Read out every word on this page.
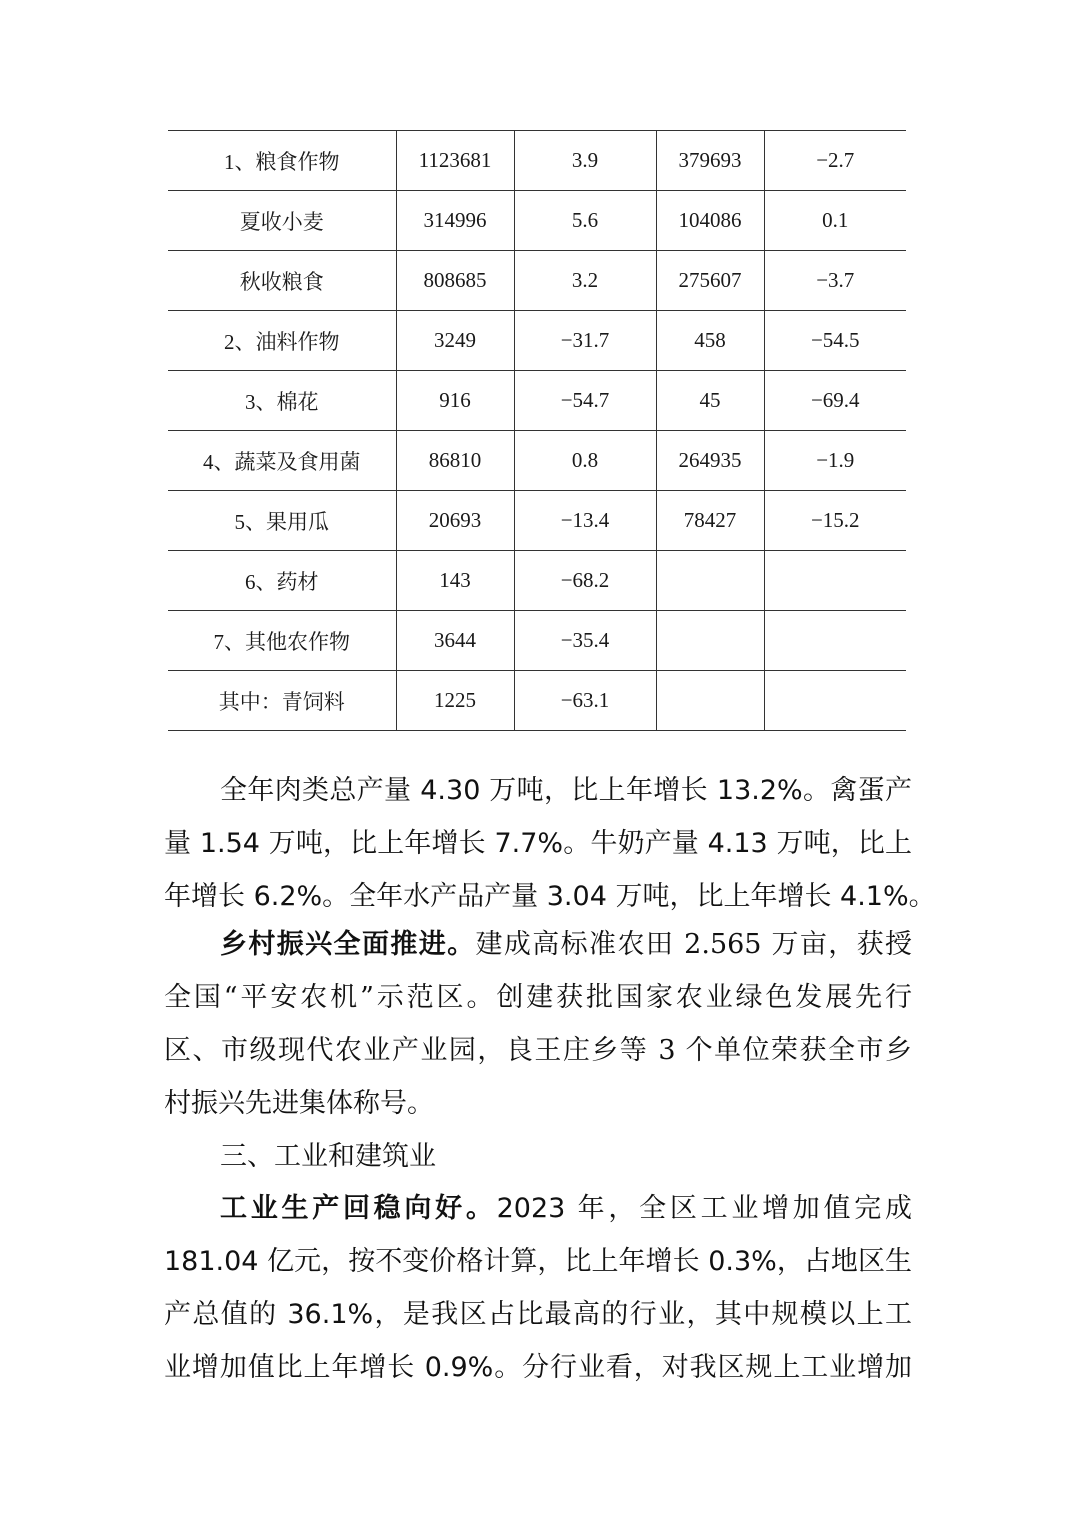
1、粮食作物	1123681	3.9	379693	−2.7
夏收小麦	314996	5.6	104086	0.1
秋收粮食	808685	3.2	275607	−3.7
2、油料作物	3249	−31.7	458	−54.5
3、棉花	916	−54.7	45	−69.4
4、蔬菜及食用菌	86810	0.8	264935	−1.9
5、果用瓜	20693	−13.4	78427	−15.2
6、药材	143	−68.2		
7、其他农作物	3644	−35.4		
其中：青饲料	1225	−63.1		
全年肉类总产量 4.30 万吨，比上年增长 13.2%。禽蛋产
量 1.54 万吨，比上年增长 7.7%。牛奶产量 4.13 万吨，比上
年增长 6.2%。全年水产品产量 3.04 万吨，比上年增长 4.1%。
乡村振兴全面推进。建成高标准农田 2.565 万亩，获授
全国“平安农机”示范区。创建获批国家农业绿色发展先行
区、市级现代农业产业园，良王庄乡等 3 个单位荣获全市乡
村振兴先进集体称号。
三、工业和建筑业
工业生产回稳向好。2023 年，全区工业增加值完成
181.04 亿元，按不变价格计算，比上年增长 0.3%，占地区生
产总值的 36.1%，是我区占比最高的行业，其中规模以上工
业增加值比上年增长 0.9%。分行业看，对我区规上工业增加
